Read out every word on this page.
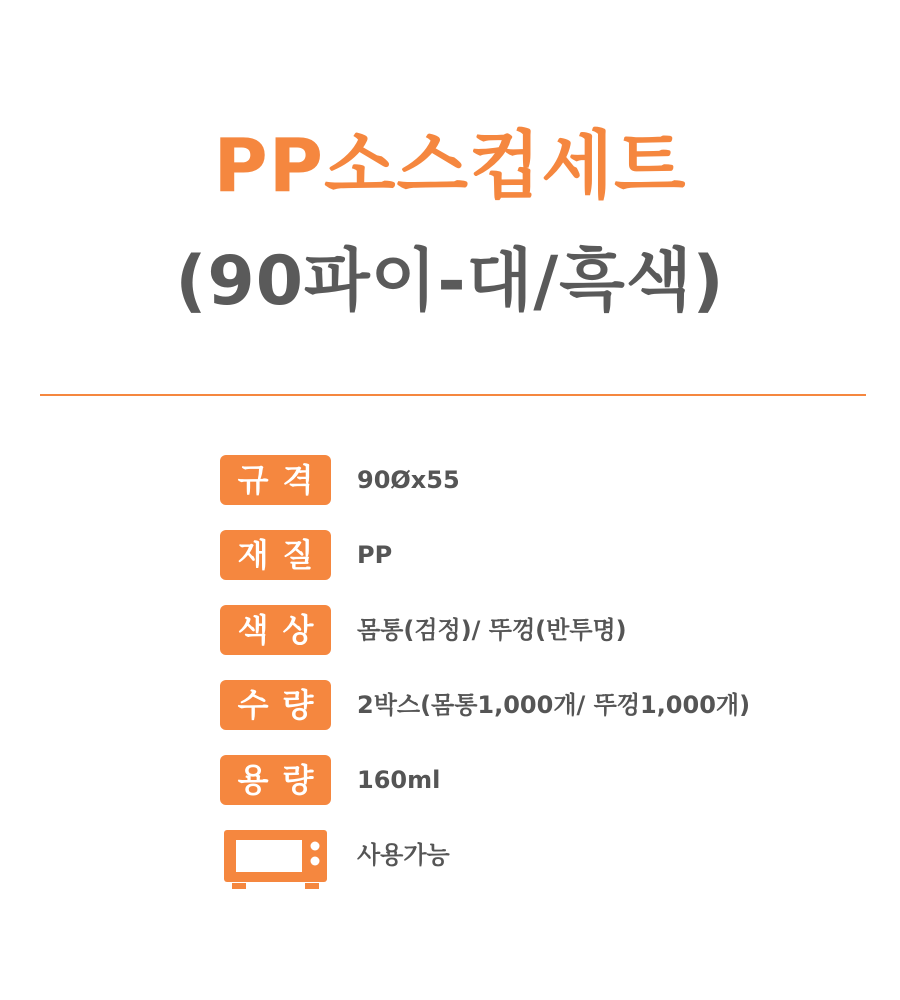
PP소스컵세트
(90파이-대/흑색)
규격 90Øx55
재질 PP
색상 몸통(검정)/ 뚜껑(반투명)
수량 2박스(몸통1,000개/ 뚜껑1,000개)
용량 160ml
사용가능
